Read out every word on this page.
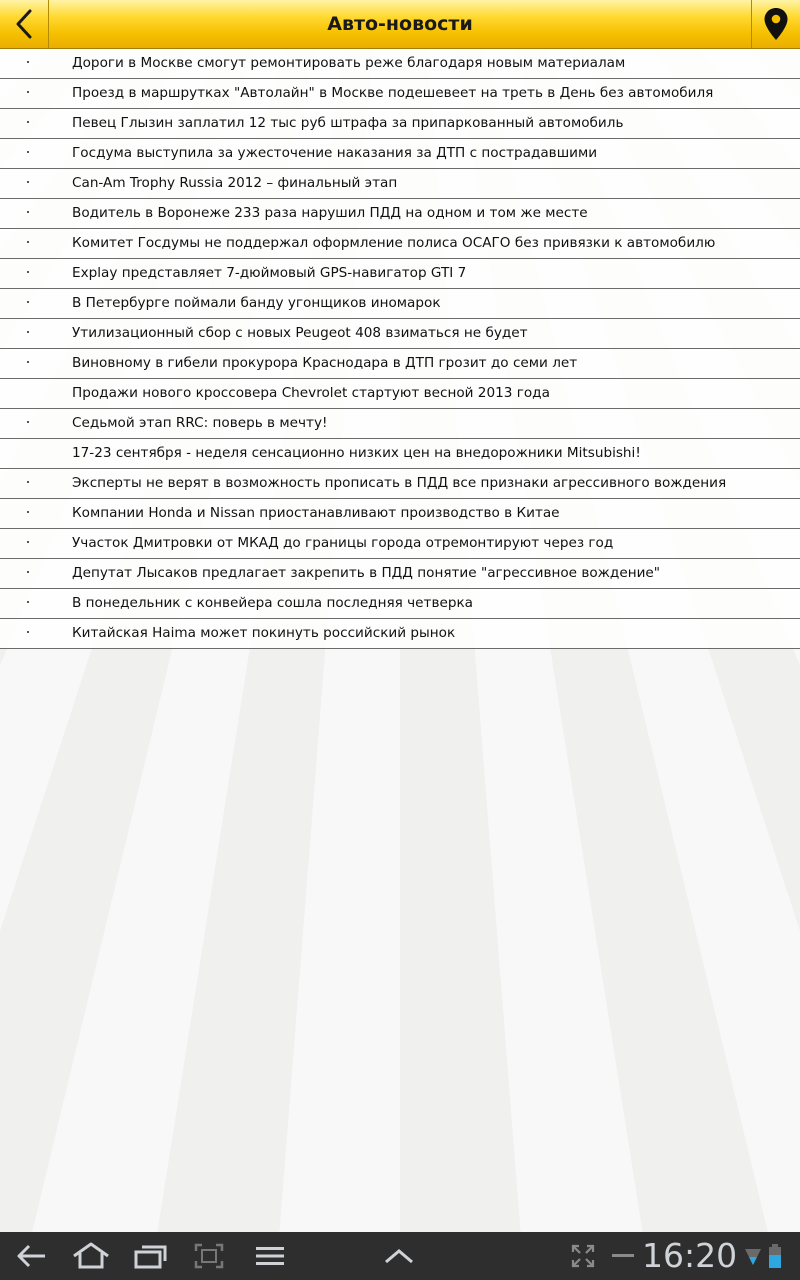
Авто-новости
Дороги в Москве смогут ремонтировать реже благодаря новым материалам
Проезд в маршрутках "Автолайн" в Москве подешевеет на треть в День без автомобиля
Певец Глызин заплатил 12 тыс руб штрафа за припаркованный автомобиль
Госдума выступила за ужесточение наказания за ДТП с пострадавшими
Can-Am Trophy Russia 2012 – финальный этап
Водитель в Воронеже 233 раза нарушил ПДД на одном и том же месте
Комитет Госдумы не поддержал оформление полиса ОСАГО без привязки к автомобилю
Explay представляет 7-дюймовый GPS-навигатор GTI 7
В Петербурге поймали банду угонщиков иномарок
Утилизационный сбор с новых Peugeot 408 взиматься не будет
Виновному в гибели прокурора Краснодара в ДТП грозит до семи лет
Продажи нового кроссовера Chevrolet стартуют весной 2013 года
Седьмой этап RRC: поверь в мечту!
17-23 сентября - неделя сенсационно низких цен на внедорожники Mitsubishi!
Эксперты не верят в возможность прописать в ПДД все признаки агрессивного вождения
Компании Honda и Nissan приостанавливают производство в Китае
Участок Дмитровки от МКАД до границы города отремонтируют через год
Депутат Лысаков предлагает закрепить в ПДД понятие "агрессивное вождение"
В понедельник с конвейера сошла последняя четверка
Китайская Haima может покинуть российский рынок
16:20
